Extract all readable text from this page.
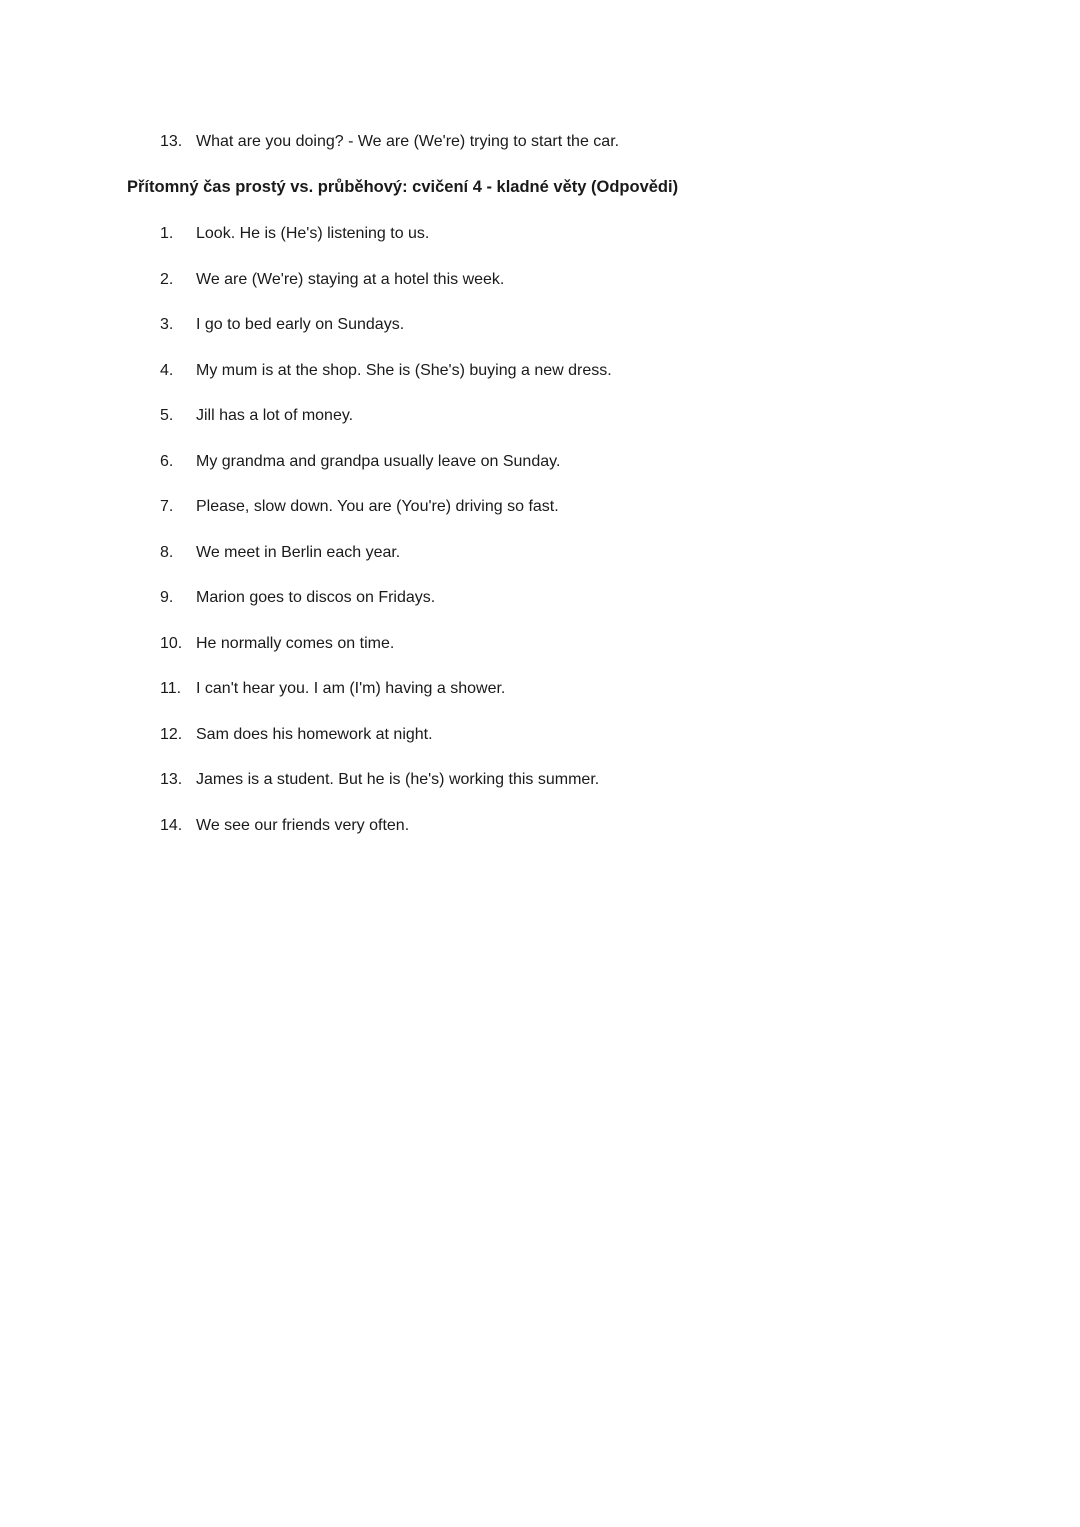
13. What are you doing? - We are (We're) trying to start the car.
Přítomný čas prostý vs. průběhový: cvičení 4 - kladné věty (Odpovědi)
1.	Look. He is (He's) listening to us.
2.	We are (We're) staying at a hotel this week.
3.	I go to bed early on Sundays.
4.	My mum is at the shop. She is (She's) buying a new dress.
5.	Jill has a lot of money.
6.	My grandma and grandpa usually leave on Sunday.
7.	Please, slow down. You are (You're) driving so fast.
8.	We meet in Berlin each year.
9.	Marion goes to discos on Fridays.
10. He normally comes on time.
11. I can't hear you. I am (I'm) having a shower.
12. Sam does his homework at night.
13. James is a student. But he is (he's) working this summer.
14. We see our friends very often.
